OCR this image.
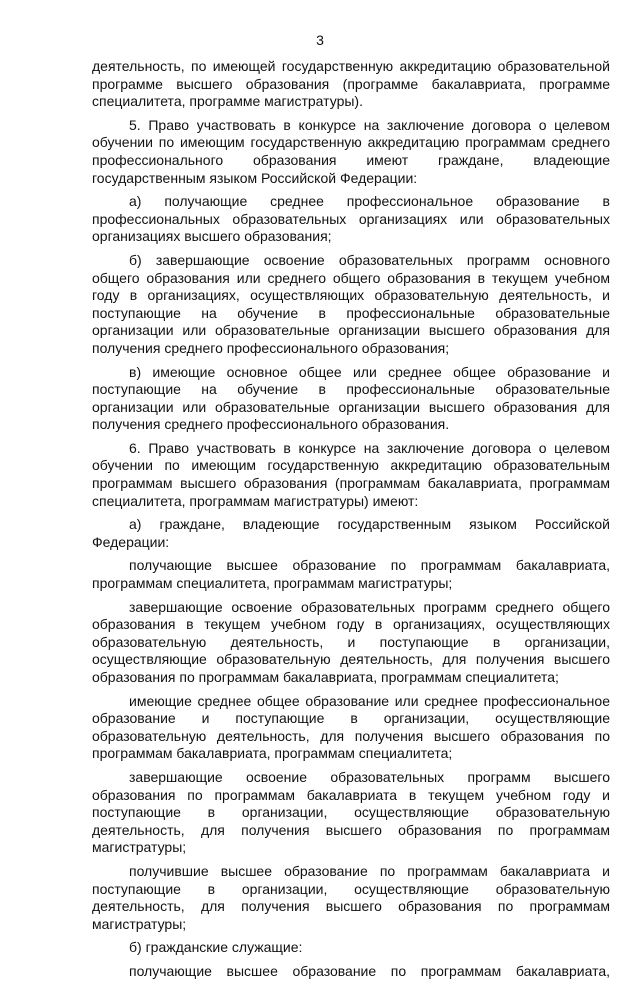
3

деятельность, по имеющей государственную аккредитацию образовательной программе высшего образования (программе бакалавриата, программе специалитета, программе магистратуры).

5. Право участвовать в конкурсе на заключение договора о целевом обучении по имеющим государственную аккредитацию программам среднего профессионального образования имеют граждане, владеющие государственным языком Российской Федерации:

а) получающие среднее профессиональное образование в профессиональных образовательных организациях или образовательных организациях высшего образования;

б) завершающие освоение образовательных программ основного общего образования или среднего общего образования в текущем учебном году в организациях, осуществляющих образовательную деятельность, и поступающие на обучение в профессиональные образовательные организации или образовательные организации высшего образования для получения среднего профессионального образования;

в) имеющие основное общее или среднее общее образование и поступающие на обучение в профессиональные образовательные организации или образовательные организации высшего образования для получения среднего профессионального образования.

6. Право участвовать в конкурсе на заключение договора о целевом обучении по имеющим государственную аккредитацию образовательным программам высшего образования (программам бакалавриата, программам специалитета, программам магистратуры) имеют:

а) граждане, владеющие государственным языком Российской Федерации:

получающие высшее образование по программам бакалавриата, программам специалитета, программам магистратуры;

завершающие освоение образовательных программ среднего общего образования в текущем учебном году в организациях, осуществляющих образовательную деятельность, и поступающие в организации, осуществляющие образовательную деятельность, для получения высшего образования по программам бакалавриата, программам специалитета;

имеющие среднее общее образование или среднее профессиональное образование и поступающие в организации, осуществляющие образовательную деятельность, для получения высшего образования по программам бакалавриата, программам специалитета;

завершающие освоение образовательных программ высшего образования по программам бакалавриата в текущем учебном году и поступающие в организации, осуществляющие образовательную деятельность, для получения высшего образования по программам магистратуры;

получившие высшее образование по программам бакалавриата и поступающие в организации, осуществляющие образовательную деятельность, для получения высшего образования по программам магистратуры;

б) гражданские служащие:

получающие высшее образование по программам бакалавриата,
